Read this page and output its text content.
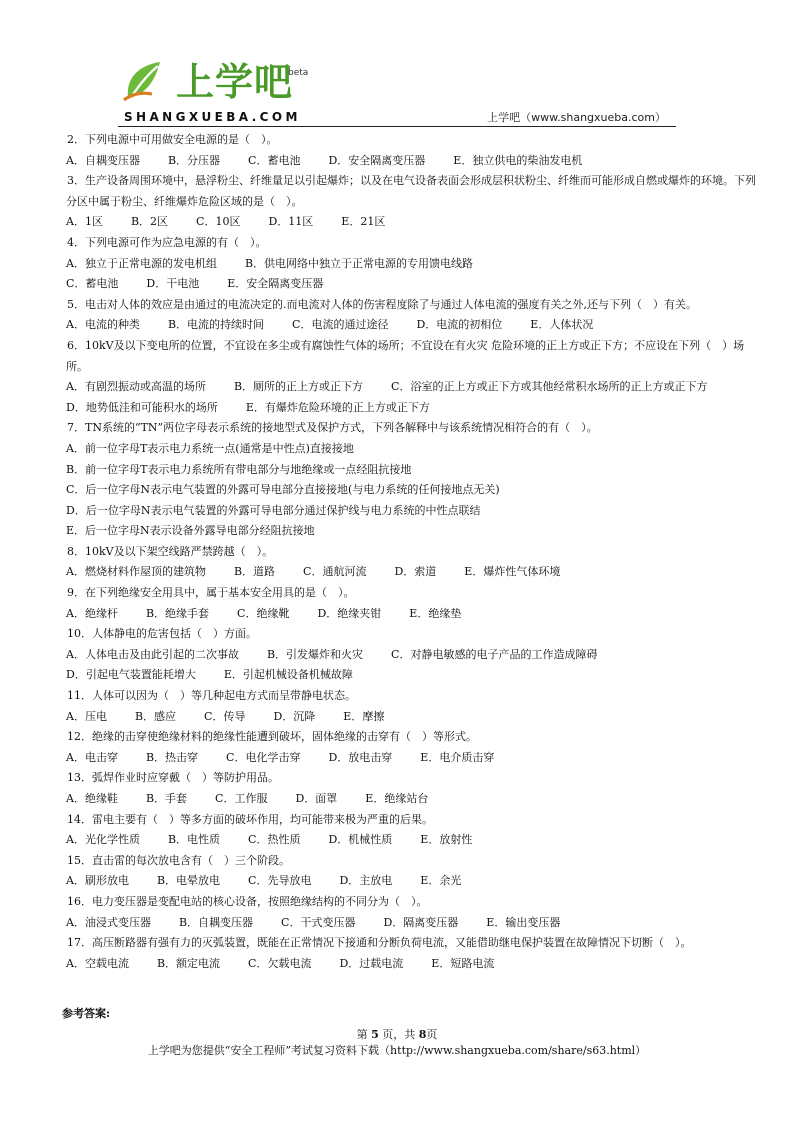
上学吧
beta
SHANGXUEBA.COM	上学吧（www.shangxueba.com）
2．下列电源中可用做安全电源的是（　）。
A．自耦变压器	B．分压器	C．蓄电池	D．安全隔离变压器	E．独立供电的柴油发电机
3．生产设备周围环境中，悬浮粉尘、纤维量足以引起爆炸；以及在电气设备表面会形成层积状粉尘、纤维而可能形成自燃或爆炸的环境。下列分区中属于粉尘、纤维爆炸危险区域的是（　）。
A．1区	B．2区	C．10区	D．11区	E．21区
4．下列电源可作为应急电源的有（　）。
A．独立于正常电源的发电机组	B．供电网络中独立于正常电源的专用馈电线路
C．蓄电池	D．干电池	E．安全隔离变压器
5．电击对人体的效应是由通过的电流决定的.而电流对人体的伤害程度除了与通过人体电流的强度有关之外,还与下列（　）有关。
A．电流的种类	B．电流的持续时间	C．电流的通过途径	D．电流的初相位	E．人体状况
6．10kV及以下变电所的位置，不宜设在多尘或有腐蚀性气体的场所；不宜设在有火灾 危险环境的正上方或正下方；不应设在下列（　）场所。
A．有剧烈振动或高温的场所	B．厕所的正上方或正下方	C．浴室的正上方或正下方或其他经常积水场所的正上方或正下方
D．地势低洼和可能积水的场所	E．有爆炸危险环境的正上方或正下方
7．TN系统的“TN”两位字母表示系统的接地型式及保护方式，下列各解释中与该系统情况相符合的有（　）。
A．前一位字母T表示电力系统一点(通常是中性点)直接接地
B．前一位字母T表示电力系统所有带电部分与地绝缘或一点经阻抗接地
C．后一位字母N表示电气装置的外露可导电部分直接接地(与电力系统的任何接地点无关)
D．后一位字母N表示电气装置的外露可导电部分通过保护线与电力系统的中性点联结
E．后一位字母N表示设备外露导电部分经阻抗接地
8．10kV及以下架空线路严禁跨越（　）。
A．燃烧材料作屋顶的建筑物	B．道路	C．通航河流	D．索道	E．爆炸性气体环境
9．在下列绝缘安全用具中，属于基本安全用具的是（　）。
A．绝缘杆	B．绝缘手套	C．绝缘靴	D．绝缘夹钳	E．绝缘垫
10．人体静电的危害包括（　）方面。
A．人体电击及由此引起的二次事故	B．引发爆炸和火灾	C．对静电敏感的电子产品的工作造成障碍
D．引起电气装置能耗增大	E．引起机械设备机械故障
11．人体可以因为（　）等几种起电方式而呈带静电状态。
A．压电	B．感应	C．传导	D．沉降	E．摩擦
12．绝缘的击穿使绝缘材料的绝缘性能遭到破坏，固体绝缘的击穿有（　）等形式。
A．电击穿	B．热击穿	C．电化学击穿	D．放电击穿	E．电介质击穿
13．弧焊作业时应穿戴（　）等防护用品。
A．绝缘鞋	B．手套	C．工作服	D．面罩	E．绝缘站台
14．雷电主要有（　）等多方面的破坏作用，均可能带来极为严重的后果。
A．光化学性质	B．电性质	C．热性质	D．机械性质	E．放射性
15．直击雷的每次放电含有（　）三个阶段。
A．刷形放电	B．电晕放电	C．先导放电	D．主放电	E．余光
16．电力变压器是变配电站的核心设备，按照绝缘结构的不同分为（　）。
A．油浸式变压器	B．自耦变压器	C．干式变压器	D．隔离变压器	E．输出变压器
17．高压断路器有强有力的灭弧装置，既能在正常情况下接通和分断负荷电流，又能借助继电保护装置在故障情况下切断（　）。
A．空载电流	B．额定电流	C．欠载电流	D．过载电流	E．短路电流
参考答案:
第 5 页，共 8页
上学吧为您提供“安全工程师”考试复习资料下载（http://www.shangxueba.com/share/s63.html）
